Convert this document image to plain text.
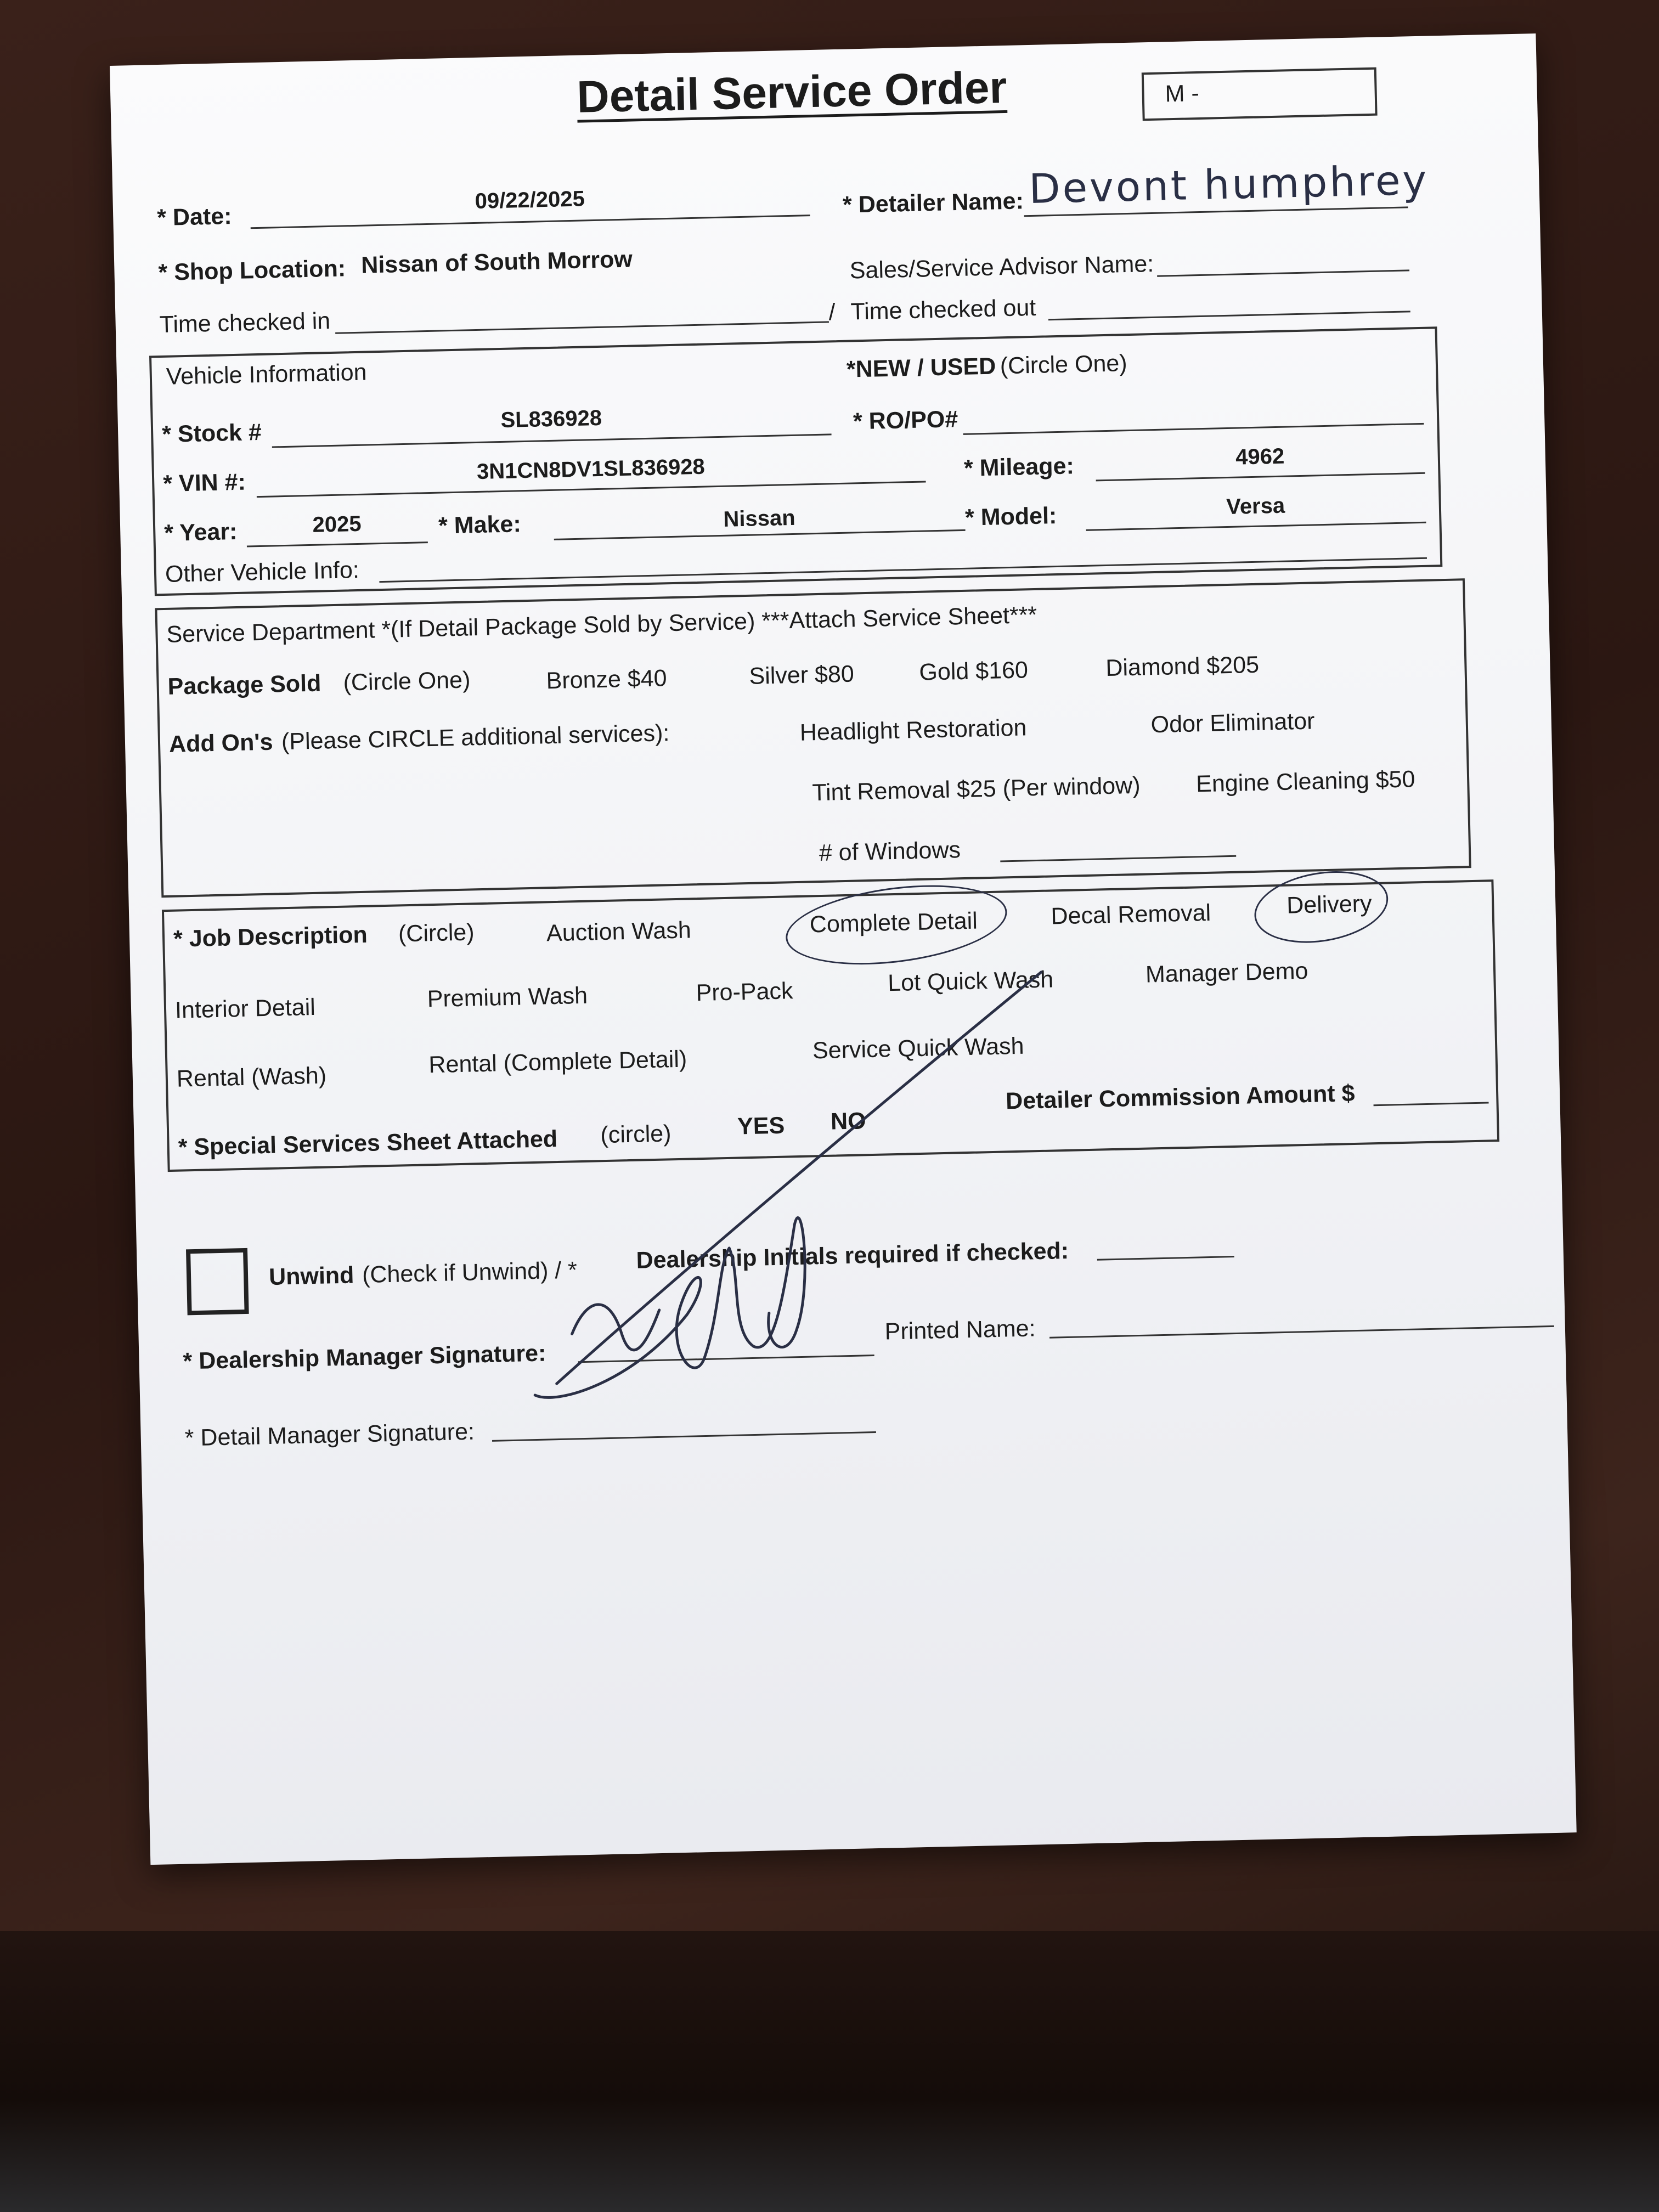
Detail Service Order	M -
* Date:
09/22/2025	* Detailer Name: Devont humphrey
* Shop Location: Nissan of South Morrow	Sales/Service Advisor Name:
Time checked in	/ Time checked out
Vehicle Information	*NEW / USED (Circle One)
* Stock #	SL836928	* RO/PO#
* VIN #:	3N1CN8DV1SL836928	* Mileage:	4962
* Year:	2025	* Make:	Nissan	* Model:	Versa
Other Vehicle Info:
Service Department *(If Detail Package Sold by Service) ***Attach Service Sheet***
Package Sold (Circle One)	Bronze $40	Silver $80	Gold $160	Diamond $205
Add On's (Please CIRCLE additional services):	Headlight Restoration	Odor Eliminator
Tint Removal $25 (Per window) Engine Cleaning $50
# of Windows
* Job Description (Circle)	Auction Wash	Complete Detail	Decal Removal	Delivery
Interior Detail	Premium Wash	Pro-Pack	Lot Quick Wash	Manager Demo
Rental (Wash)	Rental (Complete Detail)	Service Quick Wash
* Special Services Sheet Attached (circle)	YES NO
Detailer Commission Amount $
Unwind (Check if Unwind) / * Dealership Initials required if checked:
* Dealership Manager Signature:
Printed Name:
* Detail Manager Signature:
